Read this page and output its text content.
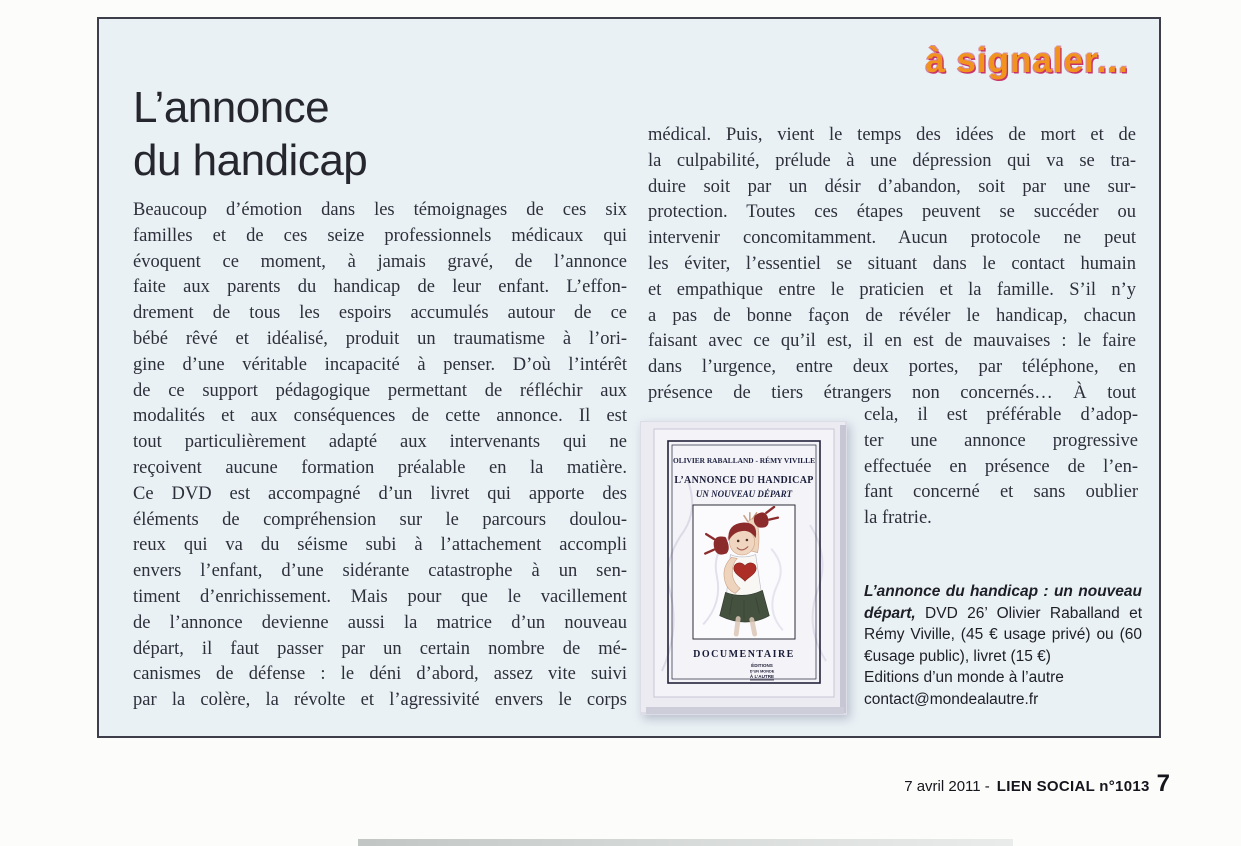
à signaler...
L’annonce
du handicap
Beaucoup d’émotion dans les témoignages de ces six
familles et de ces seize professionnels médicaux qui
évoquent ce moment, à jamais gravé, de l’annonce
faite aux parents du handicap de leur enfant. L’effon-
drement de tous les espoirs accumulés autour de ce
bébé rêvé et idéalisé, produit un traumatisme à l’ori-
gine d’une véritable incapacité à penser. D’où l’intérêt
de ce support pédagogique permettant de réfléchir aux
modalités et aux conséquences de cette annonce. Il est
tout particulièrement adapté aux intervenants qui ne
reçoivent aucune formation préalable en la matière.
Ce DVD est accompagné d’un livret qui apporte des
éléments de compréhension sur le parcours doulou-
reux qui va du séisme subi à l’attachement accompli
envers l’enfant, d’une sidérante catastrophe à un sen-
timent d’enrichissement. Mais pour que le vacillement
de l’annonce devienne aussi la matrice d’un nouveau
départ, il faut passer par un certain nombre de mé-
canismes de défense : le déni d’abord, assez vite suivi
par la colère, la révolte et l’agressivité envers le corps
médical. Puis, vient le temps des idées de mort et de
la culpabilité, prélude à une dépression qui va se tra-
duire soit par un désir d’abandon, soit par une sur-
protection. Toutes ces étapes peuvent se succéder ou
intervenir concomitamment. Aucun protocole ne peut
les éviter, l’essentiel se situant dans le contact humain
et empathique entre le praticien et la famille. S’il n’y
a pas de bonne façon de révéler le handicap, chacun
faisant avec ce qu’il est, il en est de mauvaises : le faire
dans l’urgence, entre deux portes, par téléphone, en
présence de tiers étrangers non concernés… À tout
cela, il est préférable d’adop-
ter une annonce progressive
effectuée en présence de l’en-
fant concerné et sans oublier
la fratrie.
OLIVIER RABALLAND - RÉMY VIVILLE
L’ANNONCE DU HANDICAP
UN NOUVEAU DÉPART
DOCUMENTAIRE
ÉDITIONS
D’UN MONDE
À L’AUTRE

L’annonce du handicap : un nouveau départ, DVD 26’ Olivier Raballand et Rémy Viville, (45 € usage privé) ou (60 €usage public), livret (15 €)

Editions d’un monde à l’autre
contact@mondealautre.fr
7 avril 2011 - LIEN SOCIAL n°1013 7
